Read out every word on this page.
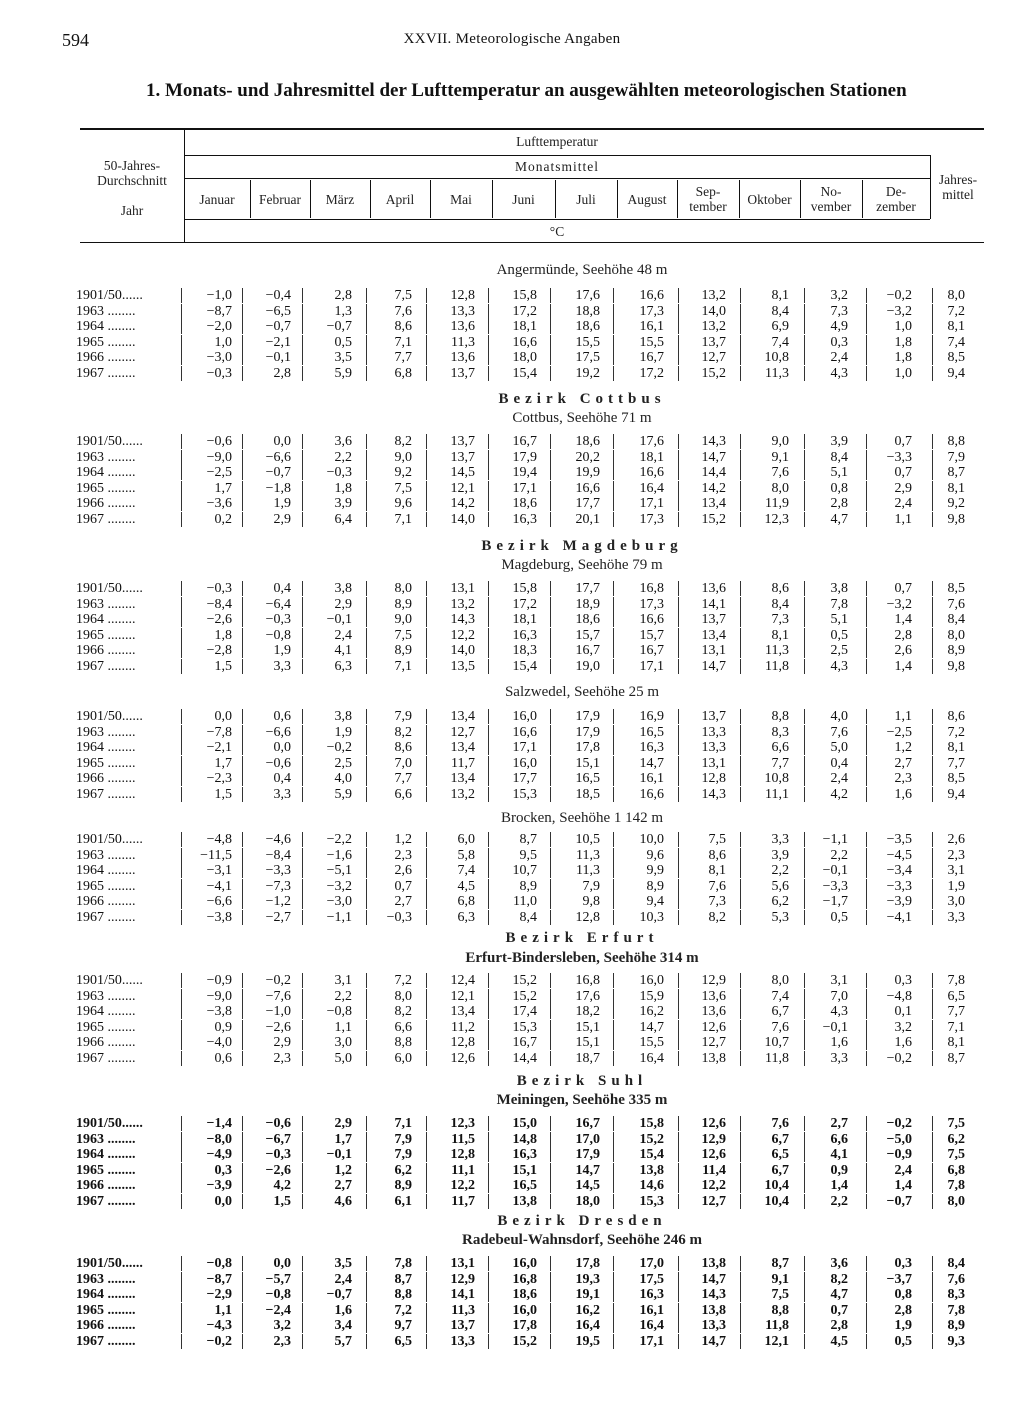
594	XXVII. Meteorologische Angaben
1. Monats- und Jahresmittel der Lufttemperatur an ausgewählten meteorologischen Stationen
50-Jahres-
Durchschnitt

Jahr
Lufttemperatur
Monatsmittel
°C
Jahres-
mittel
Januar	Februar	März	April	Mai	Juni	Juli	August
Sep-
tember	Oktober
No-
vember
De-
zember
Angermünde, Seehöhe 48 m
1901/50......	−1,0	−0,4	2,8	7,5	12,8	15,8	17,6	16,6	13,2	8,1	3,2	−0,2	8,0
1963 ........	−8,7	−6,5	1,3	7,6	13,3	17,2	18,8	17,3	14,0	8,4	7,3	−3,2	7,2
1964 ........	−2,0	−0,7	−0,7	8,6	13,6	18,1	18,6	16,1	13,2	6,9	4,9	1,0	8,1
1965 ........	1,0	−2,1	0,5	7,1	11,3	16,6	15,5	15,5	13,7	7,4	0,3	1,8	7,4
1966 ........	−3,0	−0,1	3,5	7,7	13,6	18,0	17,5	16,7	12,7	10,8	2,4	1,8	8,5
1967 ........	−0,3	2,8	5,9	6,8	13,7	15,4	19,2	17,2	15,2	11,3	4,3	1,0	9,4
Bezirk Cottbus
Cottbus, Seehöhe 71 m
1901/50......	−0,6	0,0	3,6	8,2	13,7	16,7	18,6	17,6	14,3	9,0	3,9	0,7	8,8
1963 ........	−9,0	−6,6	2,2	9,0	13,7	17,9	20,2	18,1	14,7	9,1	8,4	−3,3	7,9
1964 ........	−2,5	−0,7	−0,3	9,2	14,5	19,4	19,9	16,6	14,4	7,6	5,1	0,7	8,7
1965 ........	1,7	−1,8	1,8	7,5	12,1	17,1	16,6	16,4	14,2	8,0	0,8	2,9	8,1
1966 ........	−3,6	1,9	3,9	9,6	14,2	18,6	17,7	17,1	13,4	11,9	2,8	2,4	9,2
1967 ........	0,2	2,9	6,4	7,1	14,0	16,3	20,1	17,3	15,2	12,3	4,7	1,1	9,8
Bezirk Magdeburg
Magdeburg, Seehöhe 79 m
1901/50......	−0,3	0,4	3,8	8,0	13,1	15,8	17,7	16,8	13,6	8,6	3,8	0,7	8,5
1963 ........	−8,4	−6,4	2,9	8,9	13,2	17,2	18,9	17,3	14,1	8,4	7,8	−3,2	7,6
1964 ........	−2,6	−0,3	−0,1	9,0	14,3	18,1	18,6	16,6	13,7	7,3	5,1	1,4	8,4
1965 ........	1,8	−0,8	2,4	7,5	12,2	16,3	15,7	15,7	13,4	8,1	0,5	2,8	8,0
1966 ........	−2,8	1,9	4,1	8,9	14,0	18,3	16,7	16,7	13,1	11,3	2,5	2,6	8,9
1967 ........	1,5	3,3	6,3	7,1	13,5	15,4	19,0	17,1	14,7	11,8	4,3	1,4	9,8
Salzwedel, Seehöhe 25 m
1901/50......	0,0	0,6	3,8	7,9	13,4	16,0	17,9	16,9	13,7	8,8	4,0	1,1	8,6
1963 ........	−7,8	−6,6	1,9	8,2	12,7	16,6	17,9	16,5	13,3	8,3	7,6	−2,5	7,2
1964 ........	−2,1	0,0	−0,2	8,6	13,4	17,1	17,8	16,3	13,3	6,6	5,0	1,2	8,1
1965 ........	1,7	−0,6	2,5	7,0	11,7	16,0	15,1	14,7	13,1	7,7	0,4	2,7	7,7
1966 ........	−2,3	0,4	4,0	7,7	13,4	17,7	16,5	16,1	12,8	10,8	2,4	2,3	8,5
1967 ........	1,5	3,3	5,9	6,6	13,2	15,3	18,5	16,6	14,3	11,1	4,2	1,6	9,4
Brocken, Seehöhe 1 142 m
1901/50......	−4,8	−4,6	−2,2	1,2	6,0	8,7	10,5	10,0	7,5	3,3	−1,1	−3,5	2,6
1963 ........	−11,5	−8,4	−1,6	2,3	5,8	9,5	11,3	9,6	8,6	3,9	2,2	−4,5	2,3
1964 ........	−3,1	−3,3	−5,1	2,6	7,4	10,7	11,3	9,9	8,1	2,2	−0,1	−3,4	3,1
1965 ........	−4,1	−7,3	−3,2	0,7	4,5	8,9	7,9	8,9	7,6	5,6	−3,3	−3,3	1,9
1966 ........	−6,6	−1,2	−3,0	2,7	6,8	11,0	9,8	9,4	7,3	6,2	−1,7	−3,9	3,0
1967 ........	−3,8	−2,7	−1,1	−0,3	6,3	8,4	12,8	10,3	8,2	5,3	0,5	−4,1	3,3
Bezirk Erfurt
Erfurt-Bindersleben, Seehöhe 314 m
1901/50......	−0,9	−0,2	3,1	7,2	12,4	15,2	16,8	16,0	12,9	8,0	3,1	0,3	7,8
1963 ........	−9,0	−7,6	2,2	8,0	12,1	15,2	17,6	15,9	13,6	7,4	7,0	−4,8	6,5
1964 ........	−3,8	−1,0	−0,8	8,2	13,4	17,4	18,2	16,2	13,6	6,7	4,3	0,1	7,7
1965 ........	0,9	−2,6	1,1	6,6	11,2	15,3	15,1	14,7	12,6	7,6	−0,1	3,2	7,1
1966 ........	−4,0	2,9	3,0	8,8	12,8	16,7	15,1	15,5	12,7	10,7	1,6	1,6	8,1
1967 ........	0,6	2,3	5,0	6,0	12,6	14,4	18,7	16,4	13,8	11,8	3,3	−0,2	8,7
Bezirk Suhl
Meiningen, Seehöhe 335 m
1901/50......	−1,4	−0,6	2,9	7,1	12,3	15,0	16,7	15,8	12,6	7,6	2,7	−0,2	7,5
1963 ........	−8,0	−6,7	1,7	7,9	11,5	14,8	17,0	15,2	12,9	6,7	6,6	−5,0	6,2
1964 ........	−4,9	−0,3	−0,1	7,9	12,8	16,3	17,9	15,4	12,6	6,5	4,1	−0,9	7,5
1965 ........	0,3	−2,6	1,2	6,2	11,1	15,1	14,7	13,8	11,4	6,7	0,9	2,4	6,8
1966 ........	−3,9	4,2	2,7	8,9	12,2	16,5	14,5	14,6	12,2	10,4	1,4	1,4	7,8
1967 ........	0,0	1,5	4,6	6,1	11,7	13,8	18,0	15,3	12,7	10,4	2,2	−0,7	8,0
Bezirk Dresden
Radebeul-Wahnsdorf, Seehöhe 246 m
1901/50......	−0,8	0,0	3,5	7,8	13,1	16,0	17,8	17,0	13,8	8,7	3,6	0,3	8,4
1963 ........	−8,7	−5,7	2,4	8,7	12,9	16,8	19,3	17,5	14,7	9,1	8,2	−3,7	7,6
1964 ........	−2,9	−0,8	−0,7	8,8	14,1	18,6	19,1	16,3	14,3	7,5	4,7	0,8	8,3
1965 ........	1,1	−2,4	1,6	7,2	11,3	16,0	16,2	16,1	13,8	8,8	0,7	2,8	7,8
1966 ........	−4,3	3,2	3,4	9,7	13,7	17,8	16,4	16,4	13,3	11,8	2,8	1,9	8,9
1967 ........	−0,2	2,3	5,7	6,5	13,3	15,2	19,5	17,1	14,7	12,1	4,5	0,5	9,3
